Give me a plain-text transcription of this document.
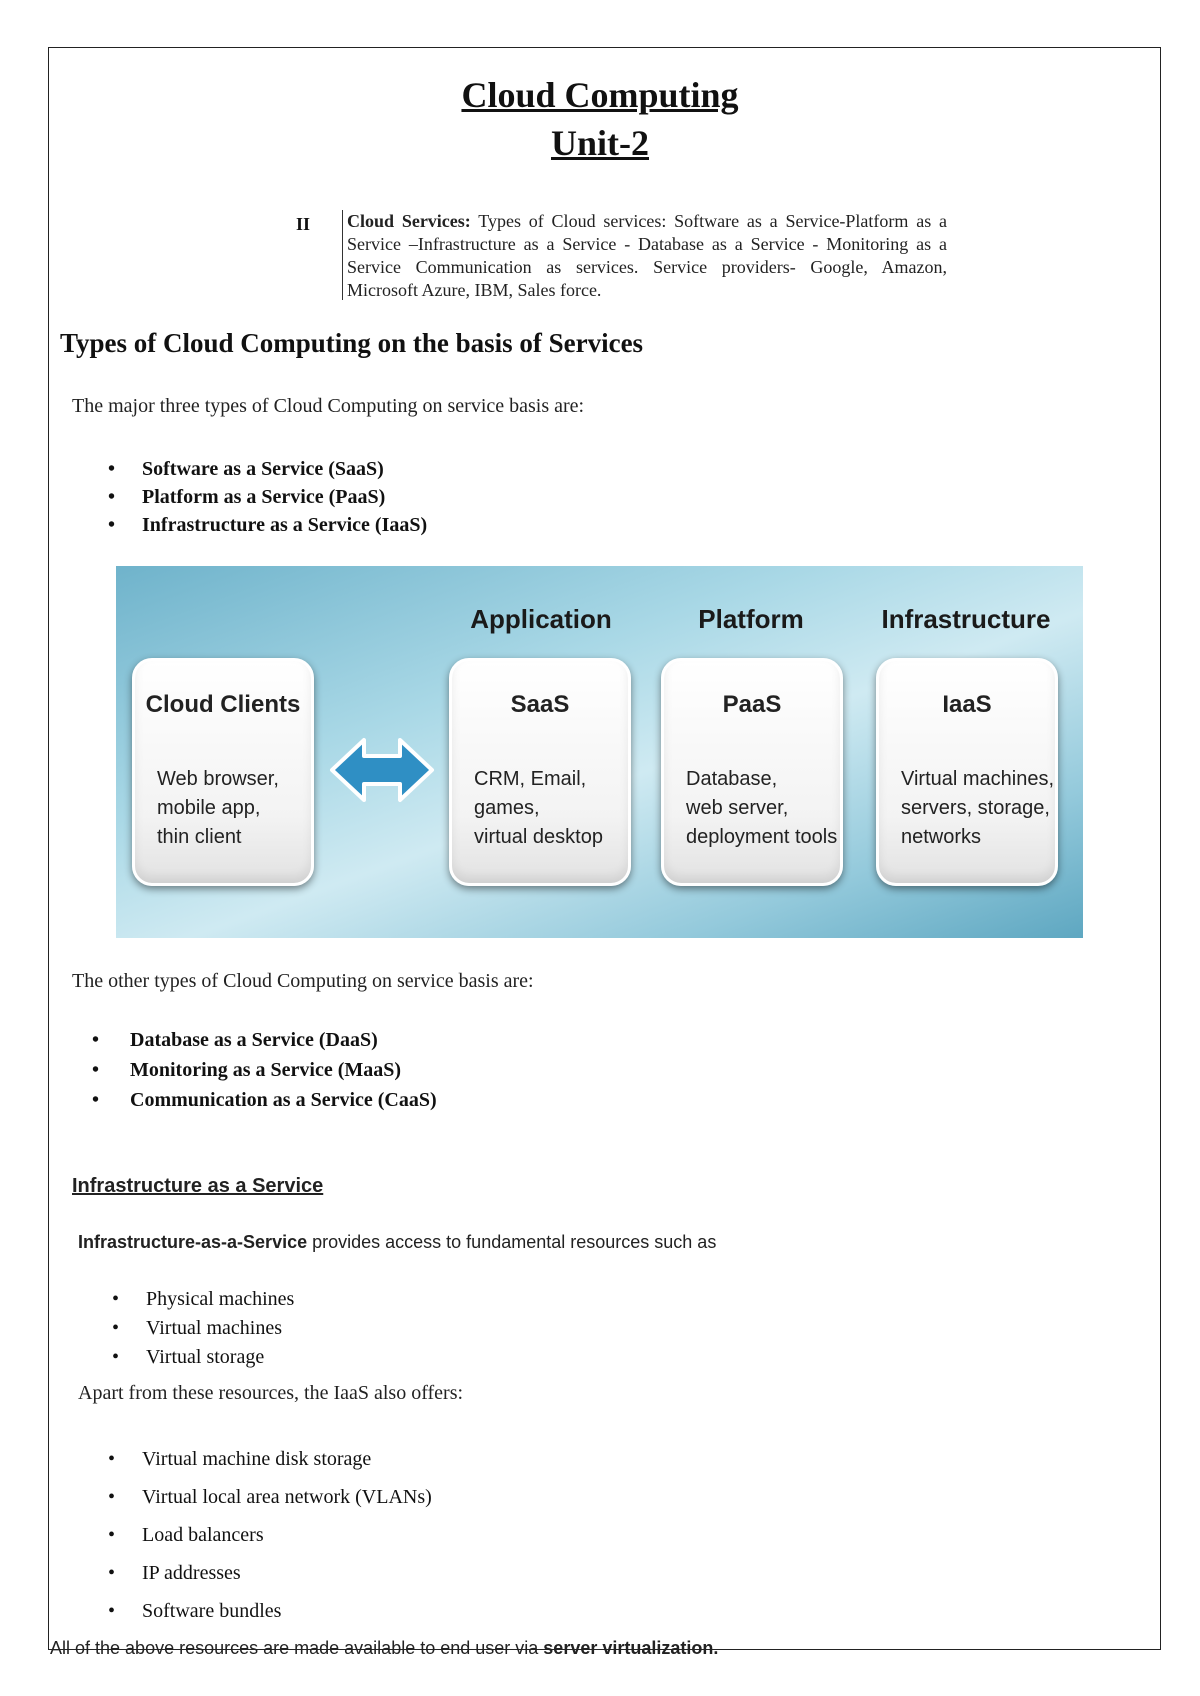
Cloud Computing
Unit-2
II Cloud Services: Types of Cloud services: Software as a Service-Platform as a Service –Infrastructure as a Service - Database as a Service - Monitoring as a Service Communication as services. Service providers- Google, Amazon, Microsoft Azure, IBM, Sales force.
Types of Cloud Computing on the basis of Services
The major three types of Cloud Computing on service basis are:
• Software as a Service (SaaS)
• Platform as a Service (PaaS)
• Infrastructure as a Service (IaaS)
Application	Platform	Infrastructure
Cloud Clients
Web browser,
mobile app,
thin client
SaaS
CRM, Email,
games,
virtual desktop
PaaS
Database,
web server,
deployment tools
IaaS
Virtual machines,
servers, storage,
networks
The other types of Cloud Computing on service basis are:
• Database as a Service (DaaS)
• Monitoring as a Service (MaaS)
• Communication as a Service (CaaS)
Infrastructure as a Service
Infrastructure-as-a-Service provides access to fundamental resources such as
• Physical machines
• Virtual machines
• Virtual storage
Apart from these resources, the IaaS also offers:
• Virtual machine disk storage
• Virtual local area network (VLANs)
• Load balancers
• IP addresses
• Software bundles
All of the above resources are made available to end user via server virtualization.
